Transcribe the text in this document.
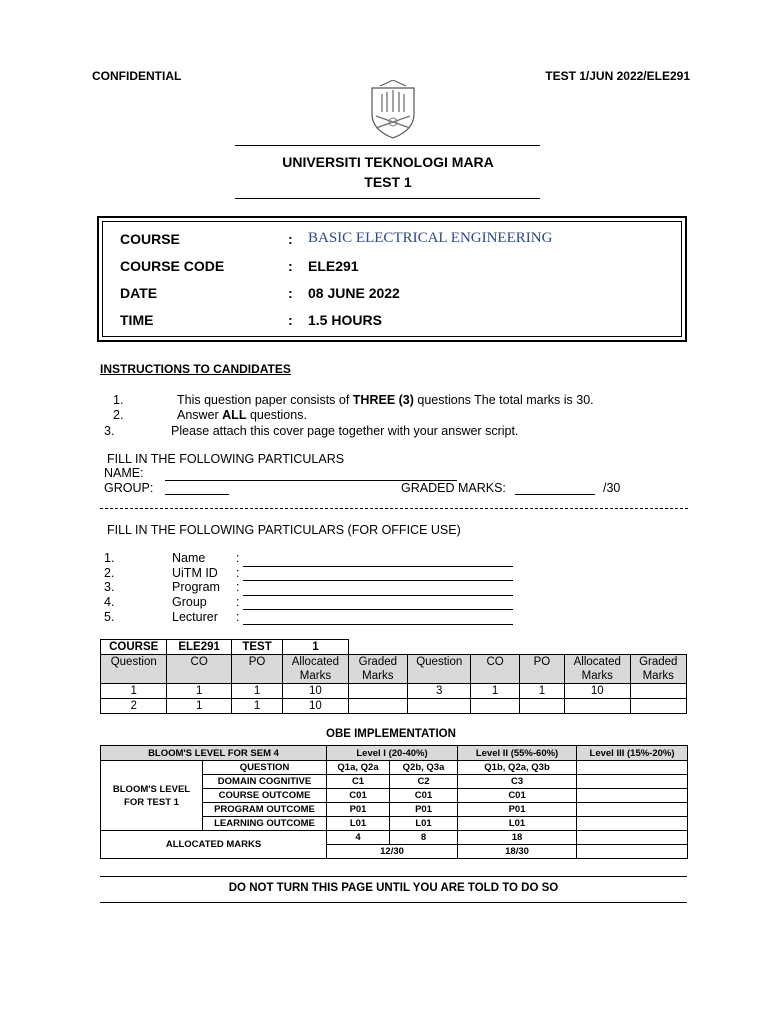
CONFIDENTIAL	TEST 1/JUN 2022/ELE291
UNIVERSITI TEKNOLOGI MARA
TEST 1
COURSE	: BASIC ELECTRICAL ENGINEERING
COURSE CODE	: ELE291
DATE	: 08 JUNE 2022
TIME	: 1.5 HOURS
INSTRUCTIONS TO CANDIDATES
1.	This question paper consists of THREE (3) questions The total marks is 30.
2.	Answer ALL questions.
3.	Please attach this cover page together with your answer script.
FILL IN THE FOLLOWING PARTICULARS
NAME:
GROUP:	GRADED MARKS:	/30
FILL IN THE FOLLOWING PARTICULARS (FOR OFFICE USE)
1.	Name :
2.	UiTM ID :
3.	Program :
4.	Group :
5.	Lecturer :
COURSE	ELE291	TEST	1						
Question	CO	PO	Allocated Marks	Graded Marks	Question	CO	PO	Allocated Marks	Graded Marks
1	1	1	10		3	1	1	10	
2	1	1	10						
OBE IMPLEMENTATION
BLOOM'S LEVEL FOR SEM 4		Level I (20-40%)		Level II (55%-60%)	Level III (15%-20%)
BLOOM'S LEVEL
FOR TEST 1	QUESTION	Q1a, Q2a	Q2b, Q3a	Q1b, Q2a, Q3b	
	DOMAIN COGNITIVE	C1	C2	C3	
	COURSE OUTCOME	C01	C01	C01	
	PROGRAM OUTCOME	P01	P01	P01	
	LEARNING OUTCOME	L01	L01	L01	
ALLOCATED MARKS		4	8	18	
		12/30		18/30	
DO NOT TURN THIS PAGE UNTIL YOU ARE TOLD TO DO SO
